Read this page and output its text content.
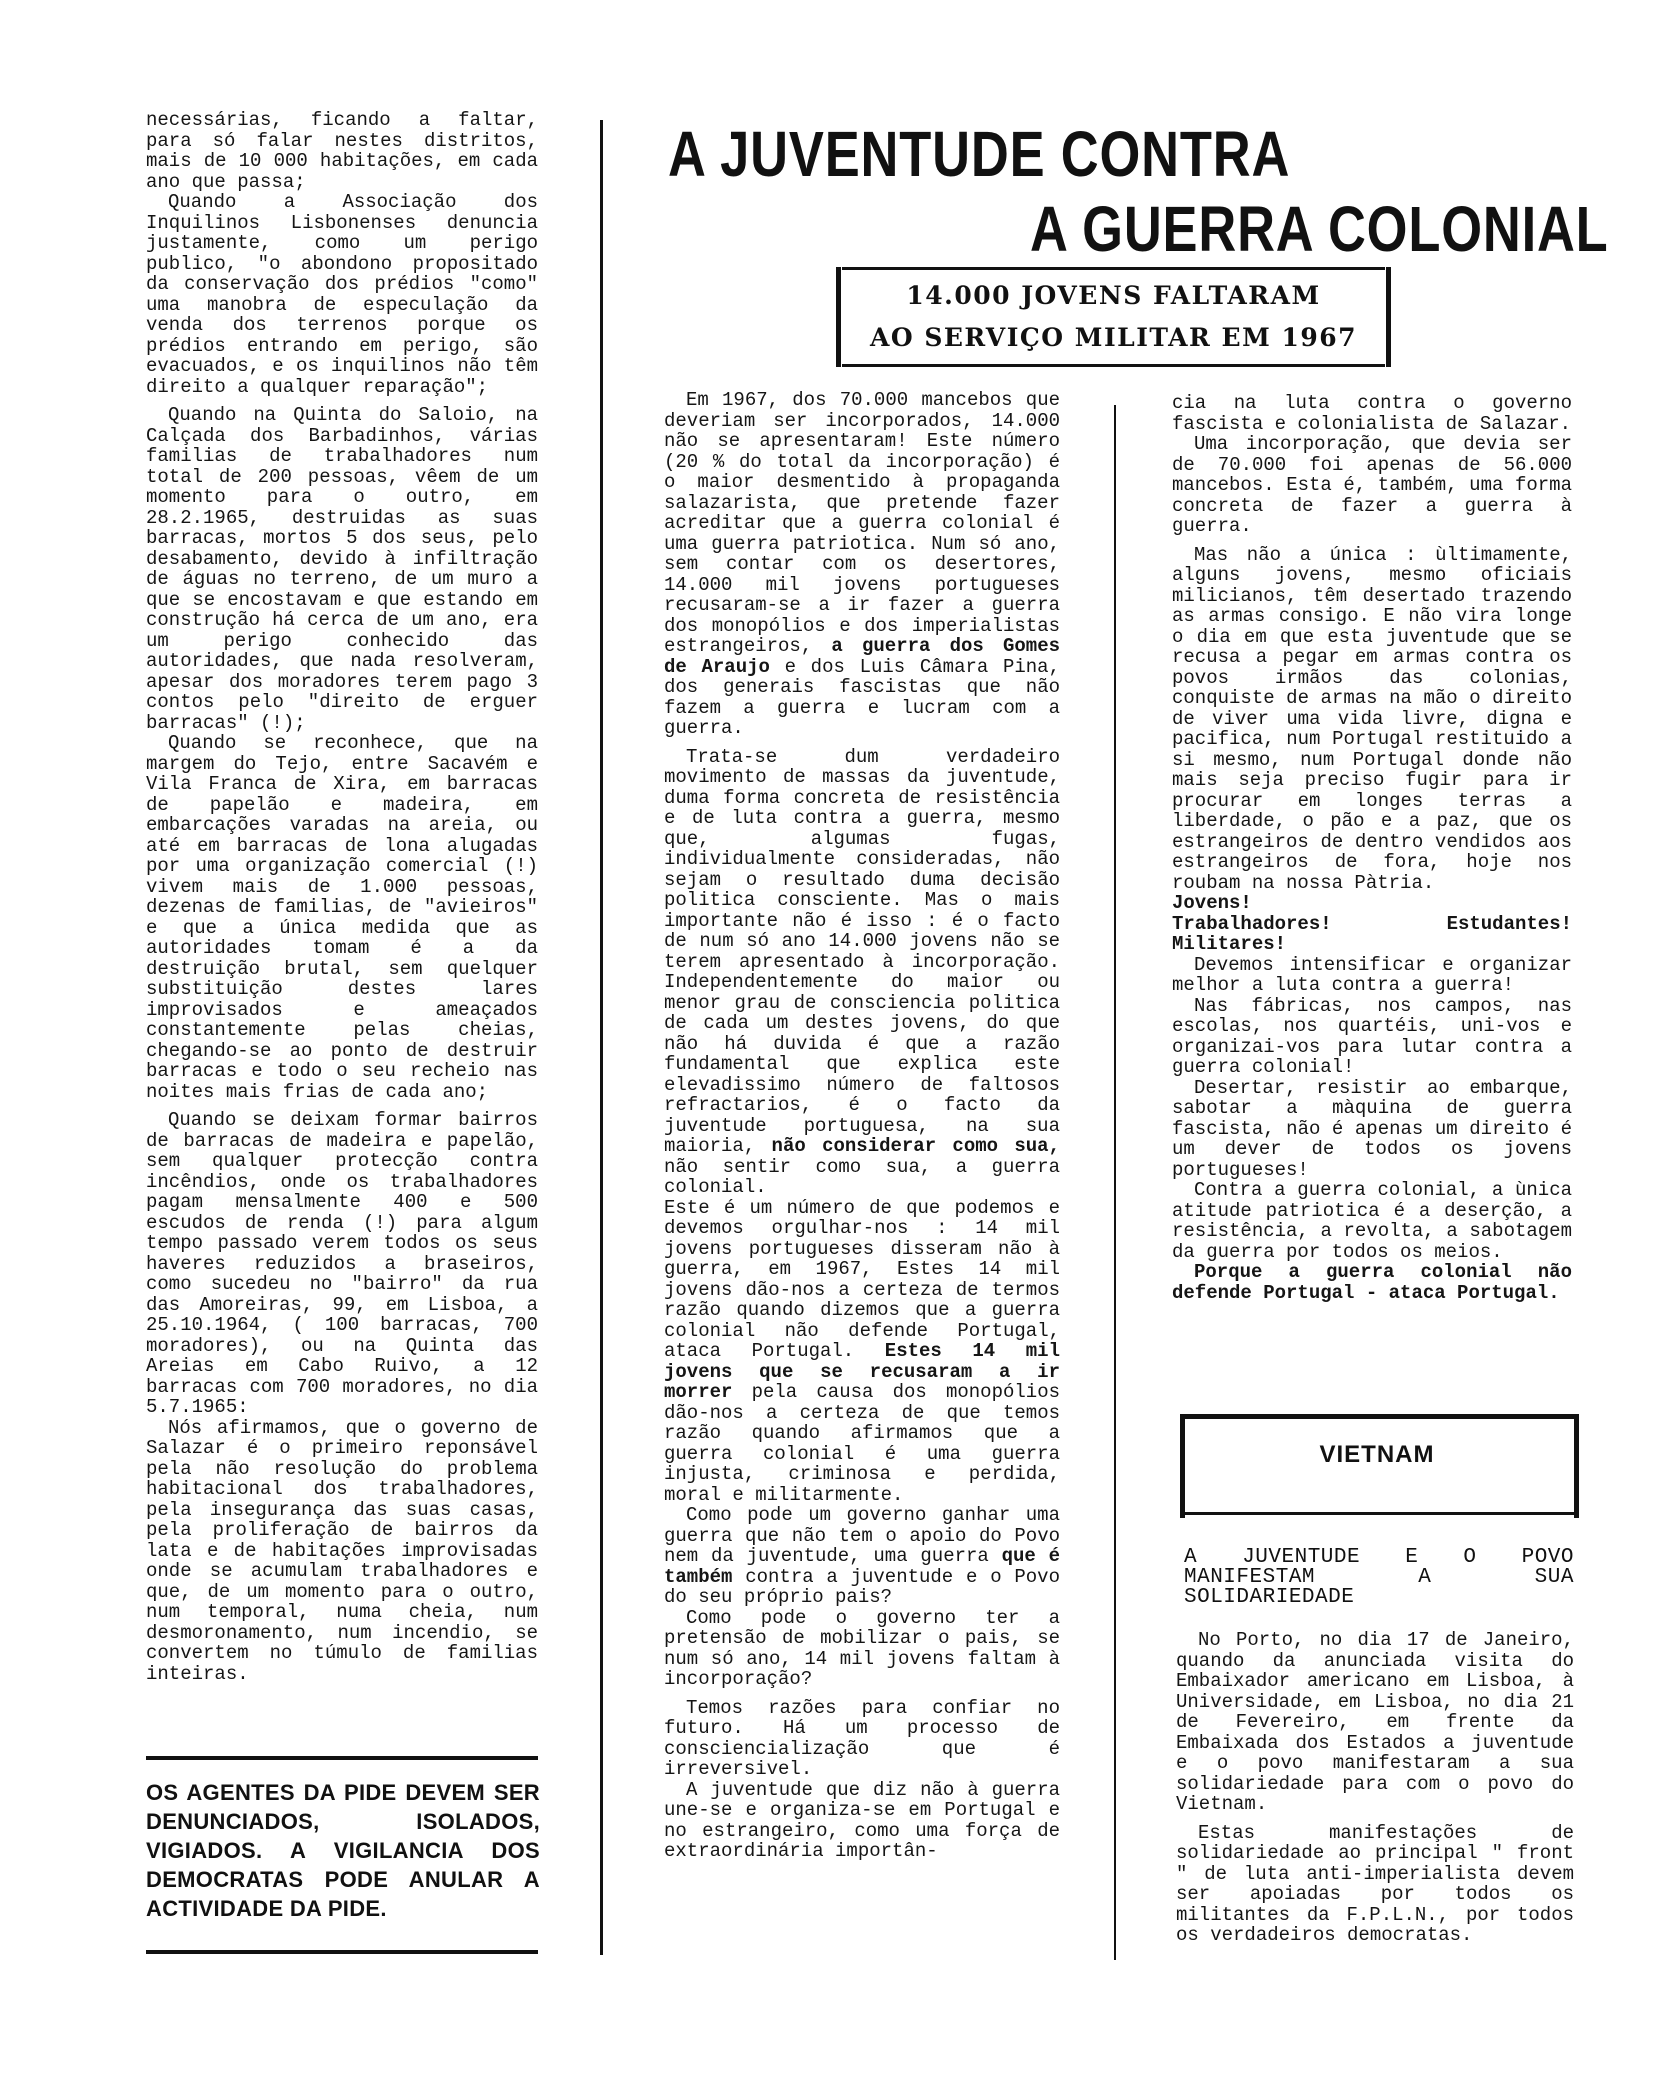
necessárias, ficando a faltar, para só falar nestes distritos, mais de 10 000 habitações, em cada ano que passa;

Quando a Associação dos Inquilinos Lisbonenses denuncia justamente, como um perigo publico, "o abondono propositado da conservação dos prédios "como" uma manobra de especulação da venda dos terrenos porque os prédios entrando em perigo, são evacuados, e os inquilinos não têm direito a qualquer reparação";

Quando na Quinta do Saloio, na Calçada dos Barbadinhos, várias familias de trabalhadores num total de 200 pessoas, vêem de um momento para o outro, em 28.2.1965, destruidas as suas barracas, mortos 5 dos seus, pelo desabamento, devido à infiltração de águas no terreno, de um muro a que se encostavam e que estando em construção há cerca de um ano, era um perigo conhecido das autoridades, que nada resolveram, apesar dos moradores terem pago 3 contos pelo "direito de erguer barracas" (!);

Quando se reconhece, que na margem do Tejo, entre Sacavém e Vila Franca de Xira, em barracas de papelão e madeira, em embarcações varadas na areia, ou até em barracas de lona alugadas por uma organização comercial (!) vivem mais de 1.000 pessoas, dezenas de familias, de "avieiros" e que a única medida que as autoridades tomam é a da destruição brutal, sem quelquer substituição destes lares improvisados e ameaçados constantemente pelas cheias, chegando-se ao ponto de destruir barracas e todo o seu recheio nas noites mais frias de cada ano;

Quando se deixam formar bairros de barracas de madeira e papelão, sem qualquer protecção contra incêndios, onde os trabalhadores pagam mensalmente 400 e 500 escudos de renda (!) para algum tempo passado verem todos os seus haveres reduzidos a braseiros, como sucedeu no "bairro" da rua das Amoreiras, 99, em Lisboa, a 25.10.1964, ( 100 barracas, 700 moradores), ou na Quinta das Areias em Cabo Ruivo, a 12 barracas com 700 moradores, no dia 5.7.1965:

Nós afirmamos, que o governo de Salazar é o primeiro reponsável pela não resolução do problema habitacional dos trabalhadores, pela insegurança das suas casas, pela proliferação de bairros da lata e de habitações improvisadas onde se acumulam trabalhadores e que, de um momento para o outro, num temporal, numa cheia, num desmoronamento, num incendio, se convertem no túmulo de familias inteiras.

OS AGENTES DA PIDE DEVEM SER DENUNCIADOS, ISOLADOS, VIGIADOS. A VIGILANCIA DOS DEMOCRATAS PODE ANULAR A ACTIVIDADE DA PIDE.
A JUVENTUDE CONTRA
A GUERRA COLONIAL
14.000 JOVENS FALTARAM
AO SERVIÇO MILITAR EM 1967

Em 1967, dos 70.000 mancebos que deveriam ser incorporados, 14.000 não se apresentaram! Este número (20 % do total da incorporação) é o maior desmentido à propaganda salazarista, que pretende fazer acreditar que a guerra colonial é uma guerra patriotica. Num só ano, sem contar com os desertores, 14.000 mil jovens portugueses recusaram-se a ir fazer a guerra dos monopólios e dos imperialistas estrangeiros, a guerra dos Gomes de Araujo e dos Luis Câmara Pina, dos generais fascistas que não fazem a guerra e lucram com a guerra.

Trata-se dum verdadeiro movimento de massas da juventude, duma forma concreta de resistência e de luta contra a guerra, mesmo que, algumas fugas, individualmente consideradas, não sejam o resultado duma decisão politica consciente. Mas o mais importante não é isso : é o facto de num só ano 14.000 jovens não se terem apresentado à incorporação. Independentemente do maior ou menor grau de consciencia politica de cada um destes jovens, do que não há duvida é que a razão fundamental que explica este elevadissimo número de faltosos refractarios, é o facto da juventude portuguesa, na sua maioria, não considerar como sua, não sentir como sua, a guerra colonial.

Este é um número de que podemos e devemos orgulhar-nos : 14 mil jovens portugueses disseram não à guerra, em 1967, Estes 14 mil jovens dão-nos a certeza de termos razão quando dizemos que a guerra colonial não defende Portugal, ataca Portugal. Estes 14 mil jovens que se recusaram a ir morrer pela causa dos monopólios dão-nos a certeza de que temos razão quando afirmamos que a guerra colonial é uma guerra injusta, criminosa e perdida, moral e militarmente.

Como pode um governo ganhar uma guerra que não tem o apoio do Povo nem da juventude, uma guerra que é também contra a juventude e o Povo do seu próprio pais?

Como pode o governo ter a pretensão de mobilizar o pais, se num só ano, 14 mil jovens faltam à incorporação?

Temos razões para confiar no futuro. Há um processo de consciencialização que é irreversivel.

A juventude que diz não à guerra une-se e organiza-se em Portugal e no estrangeiro, como uma força de extraordinária importân-

cia na luta contra o governo fascista e colonialista de Salazar.

Uma incorporação, que devia ser de 70.000 foi apenas de 56.000 mancebos. Esta é, também, uma forma concreta de fazer a guerra à guerra.

Mas não a única : ùltimamente, alguns jovens, mesmo oficiais milicianos, têm desertado trazendo as armas consigo. E não vira longe o dia em que esta juventude que se recusa a pegar em armas contra os povos irmãos das colonias, conquiste de armas na mão o direito de viver uma vida livre, digna e pacifica, num Portugal restituido a si mesmo, num Portugal donde não mais seja preciso fugir para ir procurar em longes terras a liberdade, o pão e a paz, que os estrangeiros de dentro vendidos aos estrangeiros de fora, hoje nos roubam na nossa Pàtria.

Jovens!

Trabalhadores! Estudantes! Militares!

Devemos intensificar e organizar melhor a luta contra a guerra!

Nas fábricas, nos campos, nas escolas, nos quartéis, uni-vos e organizai-vos para lutar contra a guerra colonial!

Desertar, resistir ao embarque, sabotar a màquina de guerra fascista, não é apenas um direito é um dever de todos os jovens portugueses!

Contra a guerra colonial, a ùnica atitude patriotica é a deserção, a resistência, a revolta, a sabotagem da guerra por todos os meios.

Porque a guerra colonial não defende Portugal - ataca Portugal.

VIETNAM
A JUVENTUDE E O POVO MANIFESTAM A SUA SOLIDARIEDADE

No Porto, no dia 17 de Janeiro, quando da anunciada visita do Embaixador americano em Lisboa, à Universidade, em Lisboa, no dia 21 de Fevereiro, em frente da Embaixada dos Estados a juventude e o povo manifestaram a sua solidariedade para com o povo do Vietnam.

Estas manifestações de solidariedade ao principal " front " de luta anti-imperialista devem ser apoiadas por todos os militantes da F.P.L.N., por todos os verdadeiros democratas.
